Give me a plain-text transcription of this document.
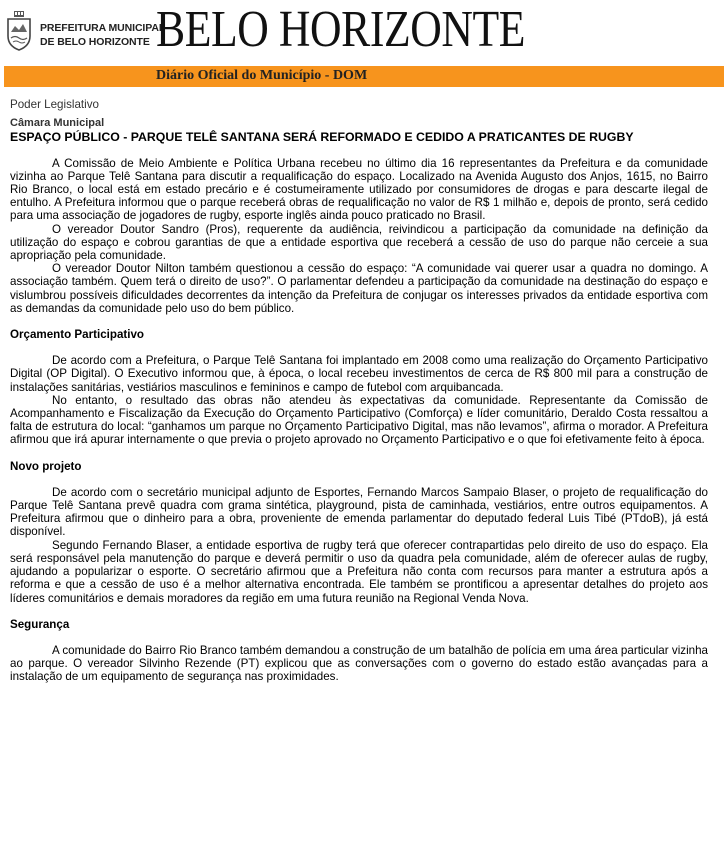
PREFEITURA MUNICIPAL
DE BELO HORIZONTE BELO HORIZONTE
Diário Oficial do Município - DOM
Poder Legislativo
Câmara Municipal
ESPAÇO PÚBLICO - PARQUE TELÊ SANTANA SERÁ REFORMADO E CEDIDO A PRATICANTES DE RUGBY

A Comissão de Meio Ambiente e Política Urbana recebeu no último dia 16 representantes da Prefeitura e da comunidade vizinha ao Parque Telê Santana para discutir a requalificação do espaço. Localizado na Avenida Augusto dos Anjos, 1615, no Bairro Rio Branco, o local está em estado precário e é costumeiramente utilizado por consumidores de drogas e para descarte ilegal de entulho. A Prefeitura informou que o parque receberá obras de requalificação no valor de R$ 1 milhão e, depois de pronto, será cedido para uma associação de jogadores de rugby, esporte inglês ainda pouco praticado no Brasil.

O vereador Doutor Sandro (Pros), requerente da audiência, reivindicou a participação da comunidade na definição da utilização do espaço e cobrou garantias de que a entidade esportiva que receberá a cessão de uso do parque não cerceie a sua apropriação pela comunidade.

O vereador Doutor Nilton também questionou a cessão do espaço: “A comunidade vai querer usar a quadra no domingo. A associação também. Quem terá o direito de uso?”. O parlamentar defendeu a participação da comunidade na destinação do espaço e vislumbrou possíveis dificuldades decorrentes da intenção da Prefeitura de conjugar os interesses privados da entidade esportiva com as demandas da comunidade pelo uso do bem público.

Orçamento Participativo

De acordo com a Prefeitura, o Parque Telê Santana foi implantado em 2008 como uma realização do Orçamento Participativo Digital (OP Digital). O Executivo informou que, à época, o local recebeu investimentos de cerca de R$ 800 mil para a construção de instalações sanitárias, vestiários masculinos e femininos e campo de futebol com arquibancada.

No entanto, o resultado das obras não atendeu às expectativas da comunidade. Representante da Comissão de Acompanhamento e Fiscalização da Execução do Orçamento Participativo (Comforça) e líder comunitário, Deraldo Costa ressaltou a falta de estrutura do local: “ganhamos um parque no Orçamento Participativo Digital, mas não levamos”, afirma o morador. A Prefeitura afirmou que irá apurar internamente o que previa o projeto aprovado no Orçamento Participativo e o que foi efetivamente feito à época.

Novo projeto

De acordo com o secretário municipal adjunto de Esportes, Fernando Marcos Sampaio Blaser, o projeto de requalificação do Parque Telê Santana prevê quadra com grama sintética, playground, pista de caminhada, vestiários, entre outros equipamentos. A Prefeitura afirmou que o dinheiro para a obra, proveniente de emenda parlamentar do deputado federal Luis Tibé (PTdoB), já está disponível.

Segundo Fernando Blaser, a entidade esportiva de rugby terá que oferecer contrapartidas pelo direito de uso do espaço. Ela será responsável pela manutenção do parque e deverá permitir o uso da quadra pela comunidade, além de oferecer aulas de rugby, ajudando a popularizar o esporte. O secretário afirmou que a Prefeitura não conta com recursos para manter a estrutura após a reforma e que a cessão de uso é a melhor alternativa encontrada. Ele também se prontificou a apresentar detalhes do projeto aos líderes comunitários e demais moradores da região em uma futura reunião na Regional Venda Nova.

Segurança

A comunidade do Bairro Rio Branco também demandou a construção de um batalhão de polícia em uma área particular vizinha ao parque. O vereador Silvinho Rezende (PT) explicou que as conversações com o governo do estado estão avançadas para a instalação de um equipamento de segurança nas proximidades.
